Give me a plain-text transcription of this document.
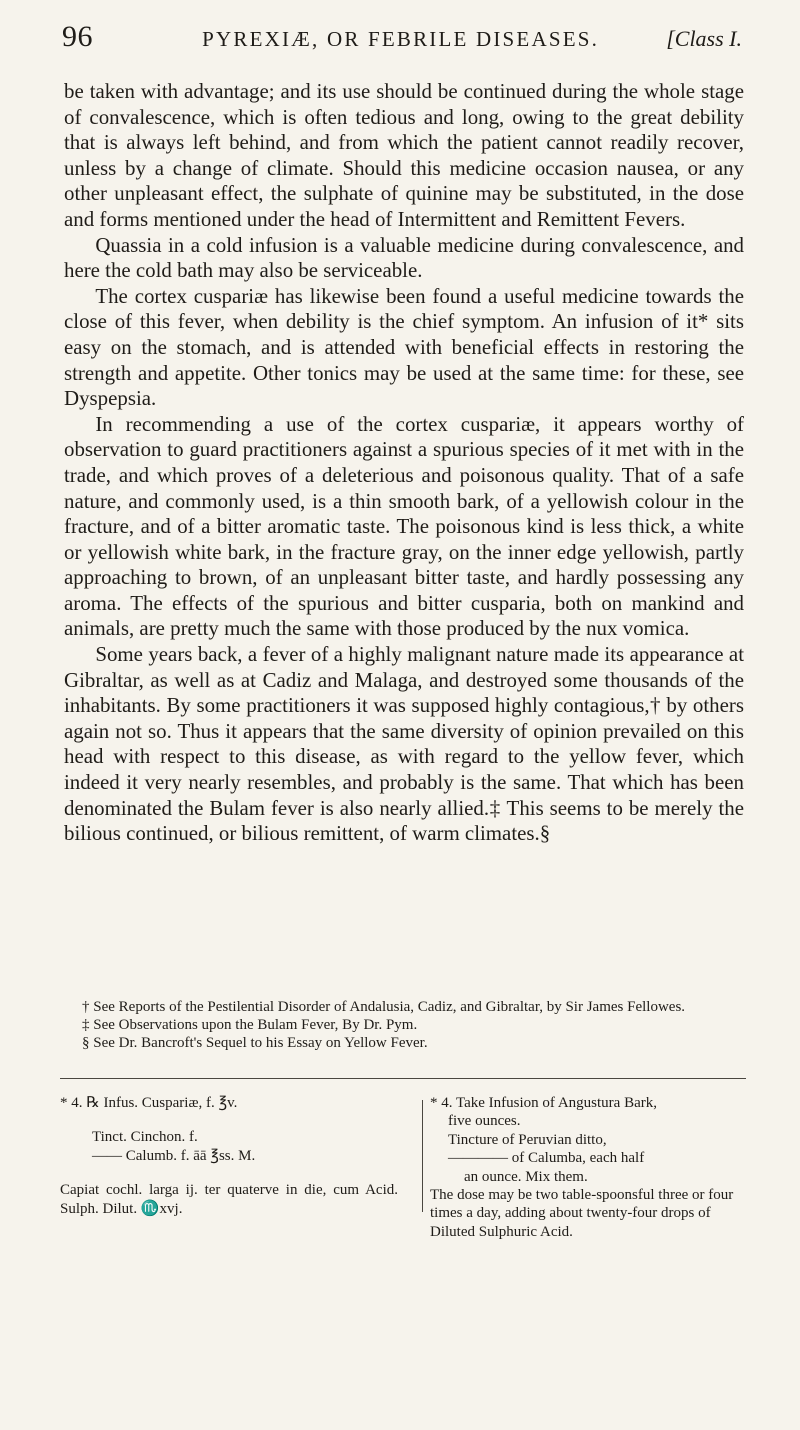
96	PYREXIÆ, OR FEBRILE DISEASES.	[Class I.

be taken with advantage; and its use should be continued during the whole stage of convalescence, which is often tedious and long, owing to the great debility that is always left behind, and from which the patient cannot readily recover, unless by a change of climate. Should this medicine occasion nausea, or any other unpleasant effect, the sulphate of quinine may be substituted, in the dose and forms mentioned under the head of Intermittent and Remittent Fevers.

Quassia in a cold infusion is a valuable medicine during convalescence, and here the cold bath may also be serviceable.

The cortex cuspariæ has likewise been found a useful medicine towards the close of this fever, when debility is the chief symptom. An infusion of it* sits easy on the stomach, and is attended with beneficial effects in restoring the strength and appetite. Other tonics may be used at the same time: for these, see Dyspepsia.

In recommending a use of the cortex cuspariæ, it appears worthy of observation to guard practitioners against a spurious species of it met with in the trade, and which proves of a deleterious and poisonous quality. That of a safe nature, and commonly used, is a thin smooth bark, of a yellowish colour in the fracture, and of a bitter aromatic taste. The poisonous kind is less thick, a white or yellowish white bark, in the fracture gray, on the inner edge yellowish, partly approaching to brown, of an unpleasant bitter taste, and hardly possessing any aroma. The effects of the spurious and bitter cusparia, both on mankind and animals, are pretty much the same with those produced by the nux vomica.

Some years back, a fever of a highly malignant nature made its appearance at Gibraltar, as well as at Cadiz and Malaga, and destroyed some thousands of the inhabitants. By some practitioners it was supposed highly contagious,† by others again not so. Thus it appears that the same diversity of opinion prevailed on this head with respect to this disease, as with regard to the yellow fever, which indeed it very nearly resembles, and probably is the same. That which has been denominated the Bulam fever is also nearly allied.‡ This seems to be merely the bilious continued, or bilious remittent, of warm climates.§

† See Reports of the Pestilential Disorder of Andalusia, Cadiz, and Gibraltar, by Sir James Fellowes.

‡ See Observations upon the Bulam Fever, By Dr. Pym.

§ See Dr. Bancroft's Sequel to his Essay on Yellow Fever.

* 4. ℞ Infus. Cuspariæ, f. ℥v.

Tinct. Cinchon. f.

—— Calumb. f. āā ℥ss. M.

Capiat cochl. larga ij. ter quaterve in die, cum Acid. Sulph. Dilut. ♏xvj.

* 4. Take Infusion of Angustura Bark,

five ounces.

Tincture of Peruvian ditto,

———— of Calumba, each half

an ounce. Mix them.

The dose may be two table-spoonsful three or four times a day, adding about twenty-four drops of Diluted Sulphuric Acid.
